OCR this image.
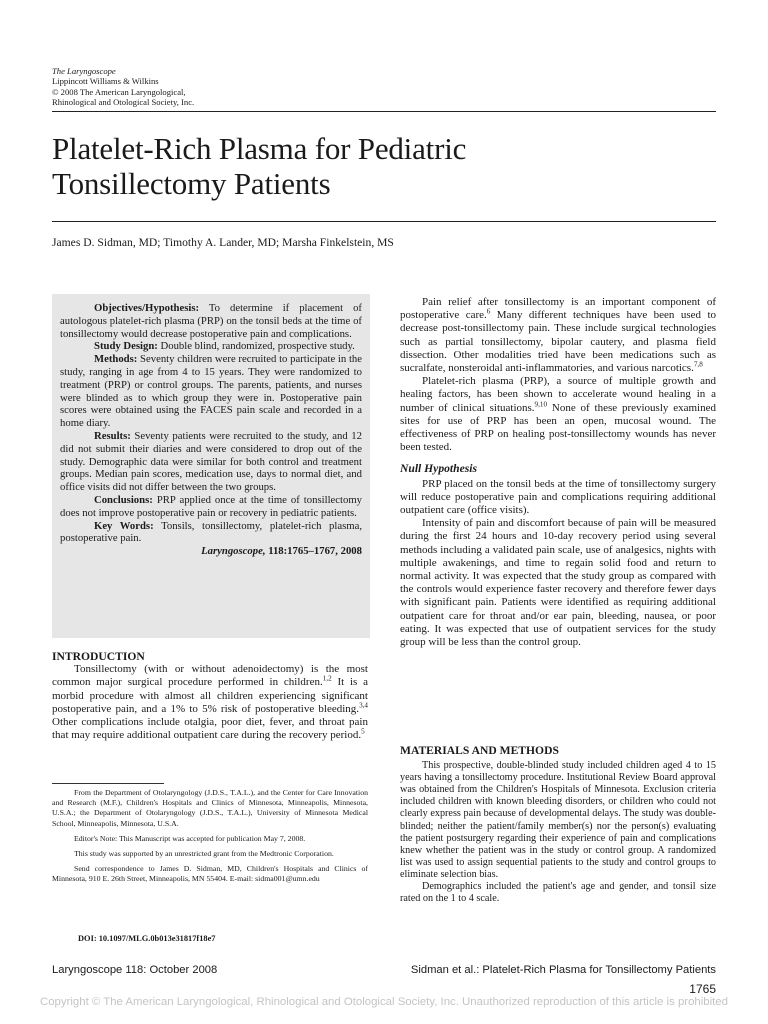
The Laryngoscope
Lippincott Williams & Wilkins
© 2008 The American Laryngological,
Rhinological and Otological Society, Inc.
Platelet-Rich Plasma for Pediatric
Tonsillectomy Patients
James D. Sidman, MD; Timothy A. Lander, MD; Marsha Finkelstein, MS

Objectives/Hypothesis: To determine if placement of autologous platelet-rich plasma (PRP) on the tonsil beds at the time of tonsillectomy would decrease postoperative pain and complications.

Study Design: Double blind, randomized, prospective study.

Methods: Seventy children were recruited to participate in the study, ranging in age from 4 to 15 years. They were randomized to treatment (PRP) or control groups. The parents, patients, and nurses were blinded as to which group they were in. Postoperative pain scores were obtained using the FACES pain scale and recorded in a home diary.

Results: Seventy patients were recruited to the study, and 12 did not submit their diaries and were considered to drop out of the study. Demographic data were similar for both control and treatment groups. Median pain scores, medication use, days to normal diet, and office visits did not differ between the two groups.

Conclusions: PRP applied once at the time of tonsillectomy does not improve postoperative pain or recovery in pediatric patients.

Key Words: Tonsils, tonsillectomy, platelet-rich plasma, postoperative pain.

Laryngoscope, 118:1765–1767, 2008

INTRODUCTION

Tonsillectomy (with or without adenoidectomy) is the most common major surgical procedure performed in children.$^{1,2}$ It is a morbid procedure with almost all children experiencing significant postoperative pain, and a 1% to 5% risk of postoperative bleeding.$^{3,4}$ Other complications include otalgia, poor diet, fever, and throat pain that may require additional outpatient care during the recovery period.$^5$

From the Department of Otolaryngology (J.D.S., T.A.L.), and the Center for Care Innovation and Research (M.F.), Children's Hospitals and Clinics of Minnesota, Minneapolis, Minnesota, U.S.A.; the Department of Otolaryngology (J.D.S., T.A.L.), University of Minnesota Medical School, Minneapolis, Minnesota, U.S.A.

Editor's Note: This Manuscript was accepted for publication May 7, 2008.

This study was supported by an unrestricted grant from the Medtronic Corporation.

Send correspondence to James D. Sidman, MD, Children's Hospitals and Clinics of Minnesota, 910 E. 26th Street, Minneapolis, MN 55404. E-mail: sidma001@umn.edu

DOI: 10.1097/MLG.0b013e31817f18e7

Pain relief after tonsillectomy is an important component of postoperative care.$^6$ Many different techniques have been used to decrease post-tonsillectomy pain. These include surgical technologies such as partial tonsillectomy, bipolar cautery, and plasma field dissection. Other modalities tried have been medications such as sucralfate, nonsteroidal anti-inflammatories, and various narcotics.$^{7,8}$

Platelet-rich plasma (PRP), a source of multiple growth and healing factors, has been shown to accelerate wound healing in a number of clinical situations.$^{9,10}$ None of these previously examined sites for use of PRP has been an open, mucosal wound. The effectiveness of PRP on healing post-tonsillectomy wounds has never been tested.

Null Hypothesis

PRP placed on the tonsil beds at the time of tonsillectomy surgery will reduce postoperative pain and complications requiring additional outpatient care (office visits).

Intensity of pain and discomfort because of pain will be measured during the first 24 hours and 10-day recovery period using several methods including a validated pain scale, use of analgesics, nights with multiple awakenings, and time to regain solid food and return to normal activity. It was expected that the study group as compared with the controls would experience faster recovery and therefore fewer days with significant pain. Patients were identified as requiring additional outpatient care for throat and/or ear pain, bleeding, nausea, or poor eating. It was expected that use of outpatient services for the study group will be less than the control group.

MATERIALS AND METHODS

This prospective, double-blinded study included children aged 4 to 15 years having a tonsillectomy procedure. Institutional Review Board approval was obtained from the Children's Hospitals of Minnesota. Exclusion criteria included children with known bleeding disorders, or children who could not clearly express pain because of developmental delays. The study was double-blinded; neither the patient/family member(s) nor the person(s) evaluating the patient postsurgery regarding their experience of pain and complications knew whether the patient was in the study or control group. A randomized list was used to assign sequential patients to the study and control groups to eliminate selection bias.

Demographics included the patient's age and gender, and tonsil size rated on the 1 to 4 scale.

Laryngoscope 118: October 2008	Sidman et al.: Platelet-Rich Plasma for Tonsillectomy Patients
1765
Copyright © The American Laryngological, Rhinological and Otological Society, Inc. Unauthorized reproduction of this article is prohibited
